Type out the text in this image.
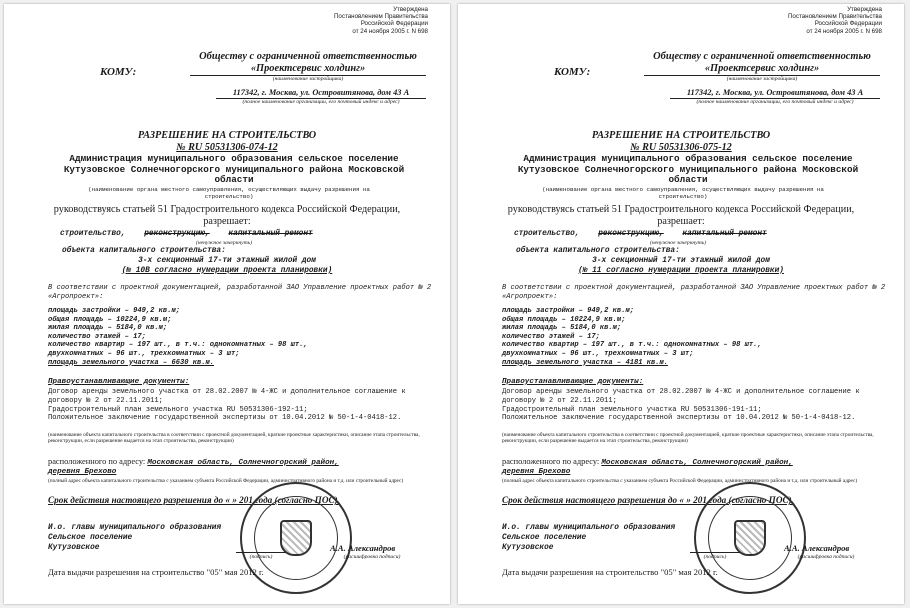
Утверждена
Постановлением Правительства
Российской Федерации
от 24 ноября 2005 г. N 698
КОМУ:
Обществу с ограниченной ответственностью
«Проектсервис холдинг»
(наименование застройщика)
117342, г. Москва, ул. Островитянова, дом 43 А
(полное наименование организации, его почтовый индекс и адрес)
РАЗРЕШЕНИЕ НА СТРОИТЕЛЬСТВО
№ RU 50531306-074-12
Администрация муниципального образования сельское поселение Кутузовское Солнечногорского муниципального района Московской области
(наименование органа местного самоуправления, осуществляющих выдачу разрешения на строительство)
руководствуясь статьей 51 Градостроительного кодекса Российской Федерации,
разрешает:
строительство, реконструкцию, капитальный ремонт
(ненужное зачеркнуть)
объекта капитального строительства:
3-х секционный 17-ти этажный жилой дом
(№ 10В согласно нумерации проекта планировки)
В соответствии с проектной документацией, разработанной ЗАО Управление проектных работ № 2 «Агропроект»:
площадь застройки – 949,2 кв.м;
общая площадь – 10224,9 кв.м;
жилая площадь – 5184,0 кв.м;
количество этажей – 17;
количество квартир – 197 шт., в т.ч.: однокомнатных – 98 шт.,
двухкомнатных – 96 шт., трехкомнатных – 3 шт;
площадь земельного участка – 6630 кв.м.
Правоустанавливающие документы:
Договор аренды земельного участка от 28.02.2007 № 4-ЖС и дополнительное соглашение к договору № 2 от 22.11.2011;
Градостроительный план земельного участка RU 50531306-192-11;
Положительное заключение государственной экспертизы от 10.04.2012 № 50-1-4-0418-12.
(наименование объекта капитального строительства в соответствии с проектной документацией, краткие проектные характеристики, описание этапа строительства, реконструкции, если разрешение выдается на этап строительства, реконструкции)
расположенного по адресу: Московская область, Солнечногорский район,
деревня Брехово
(полный адрес объекта капитального строительства с указанием субъекта Российской Федерации, административного района и т.д. или строительный адрес)
Срок действия настоящего разрешения до « » 201 года (согласно ПОС).
И.о. главы муниципального образования
Сельское поселение
Кутузовское
(подпись)
А.А. Александров
(расшифровка подписи)
Дата выдачи разрешения на строительство "05" мая 2012 г.
Утверждена
Постановлением Правительства
Российской Федерации
от 24 ноября 2005 г. N 698
КОМУ:
Обществу с ограниченной ответственностью
«Проектсервис холдинг»
(наименование застройщика)
117342, г. Москва, ул. Островитянова, дом 43 А
(полное наименование организации, его почтовый индекс и адрес)
РАЗРЕШЕНИЕ НА СТРОИТЕЛЬСТВО
№ RU 50531306-075-12
Администрация муниципального образования сельское поселение Кутузовское Солнечногорского муниципального района Московской области
(наименование органа местного самоуправления, осуществляющих выдачу разрешения на строительство)
руководствуясь статьей 51 Градостроительного кодекса Российской Федерации,
разрешает:
строительство, реконструкцию, капитальный ремонт
(ненужное зачеркнуть)
объекта капитального строительства:
3-х секционный 17-ти этажный жилой дом
(№ 11 согласно нумерации проекта планировки)
В соответствии с проектной документацией, разработанной ЗАО Управление проектных работ № 2 «Агропроект»:
площадь застройки – 949,2 кв.м;
общая площадь – 10224,9 кв.м;
жилая площадь – 5184,0 кв.м;
количество этажей – 17;
количество квартир – 197 шт., в т.ч.: однокомнатных – 98 шт.,
двухкомнатных – 96 шт., трехкомнатных – 3 шт;
площадь земельного участка – 4181 кв.м.
Правоустанавливающие документы:
Договор аренды земельного участка от 28.02.2007 № 4-ЖС и дополнительное соглашение к договору № 2 от 22.11.2011;
Градостроительный план земельного участка RU 50531306-191-11;
Положительное заключение государственной экспертизы от 10.04.2012 № 50-1-4-0418-12.
(наименование объекта капитального строительства в соответствии с проектной документацией, краткие проектные характеристики, описание этапа строительства, реконструкции, если разрешение выдается на этап строительства, реконструкции)
расположенного по адресу: Московская область, Солнечногорский район,
деревня Брехово
(полный адрес объекта капитального строительства с указанием субъекта Российской Федерации, административного района и т.д. или строительный адрес)
Срок действия настоящего разрешения до « » 201 года (согласно ПОС).
И.о. главы муниципального образования
Сельское поселение
Кутузовское
(подпись)
А.А. Александров
(расшифровка подписи)
Дата выдачи разрешения на строительство "05" мая 2012 г.
